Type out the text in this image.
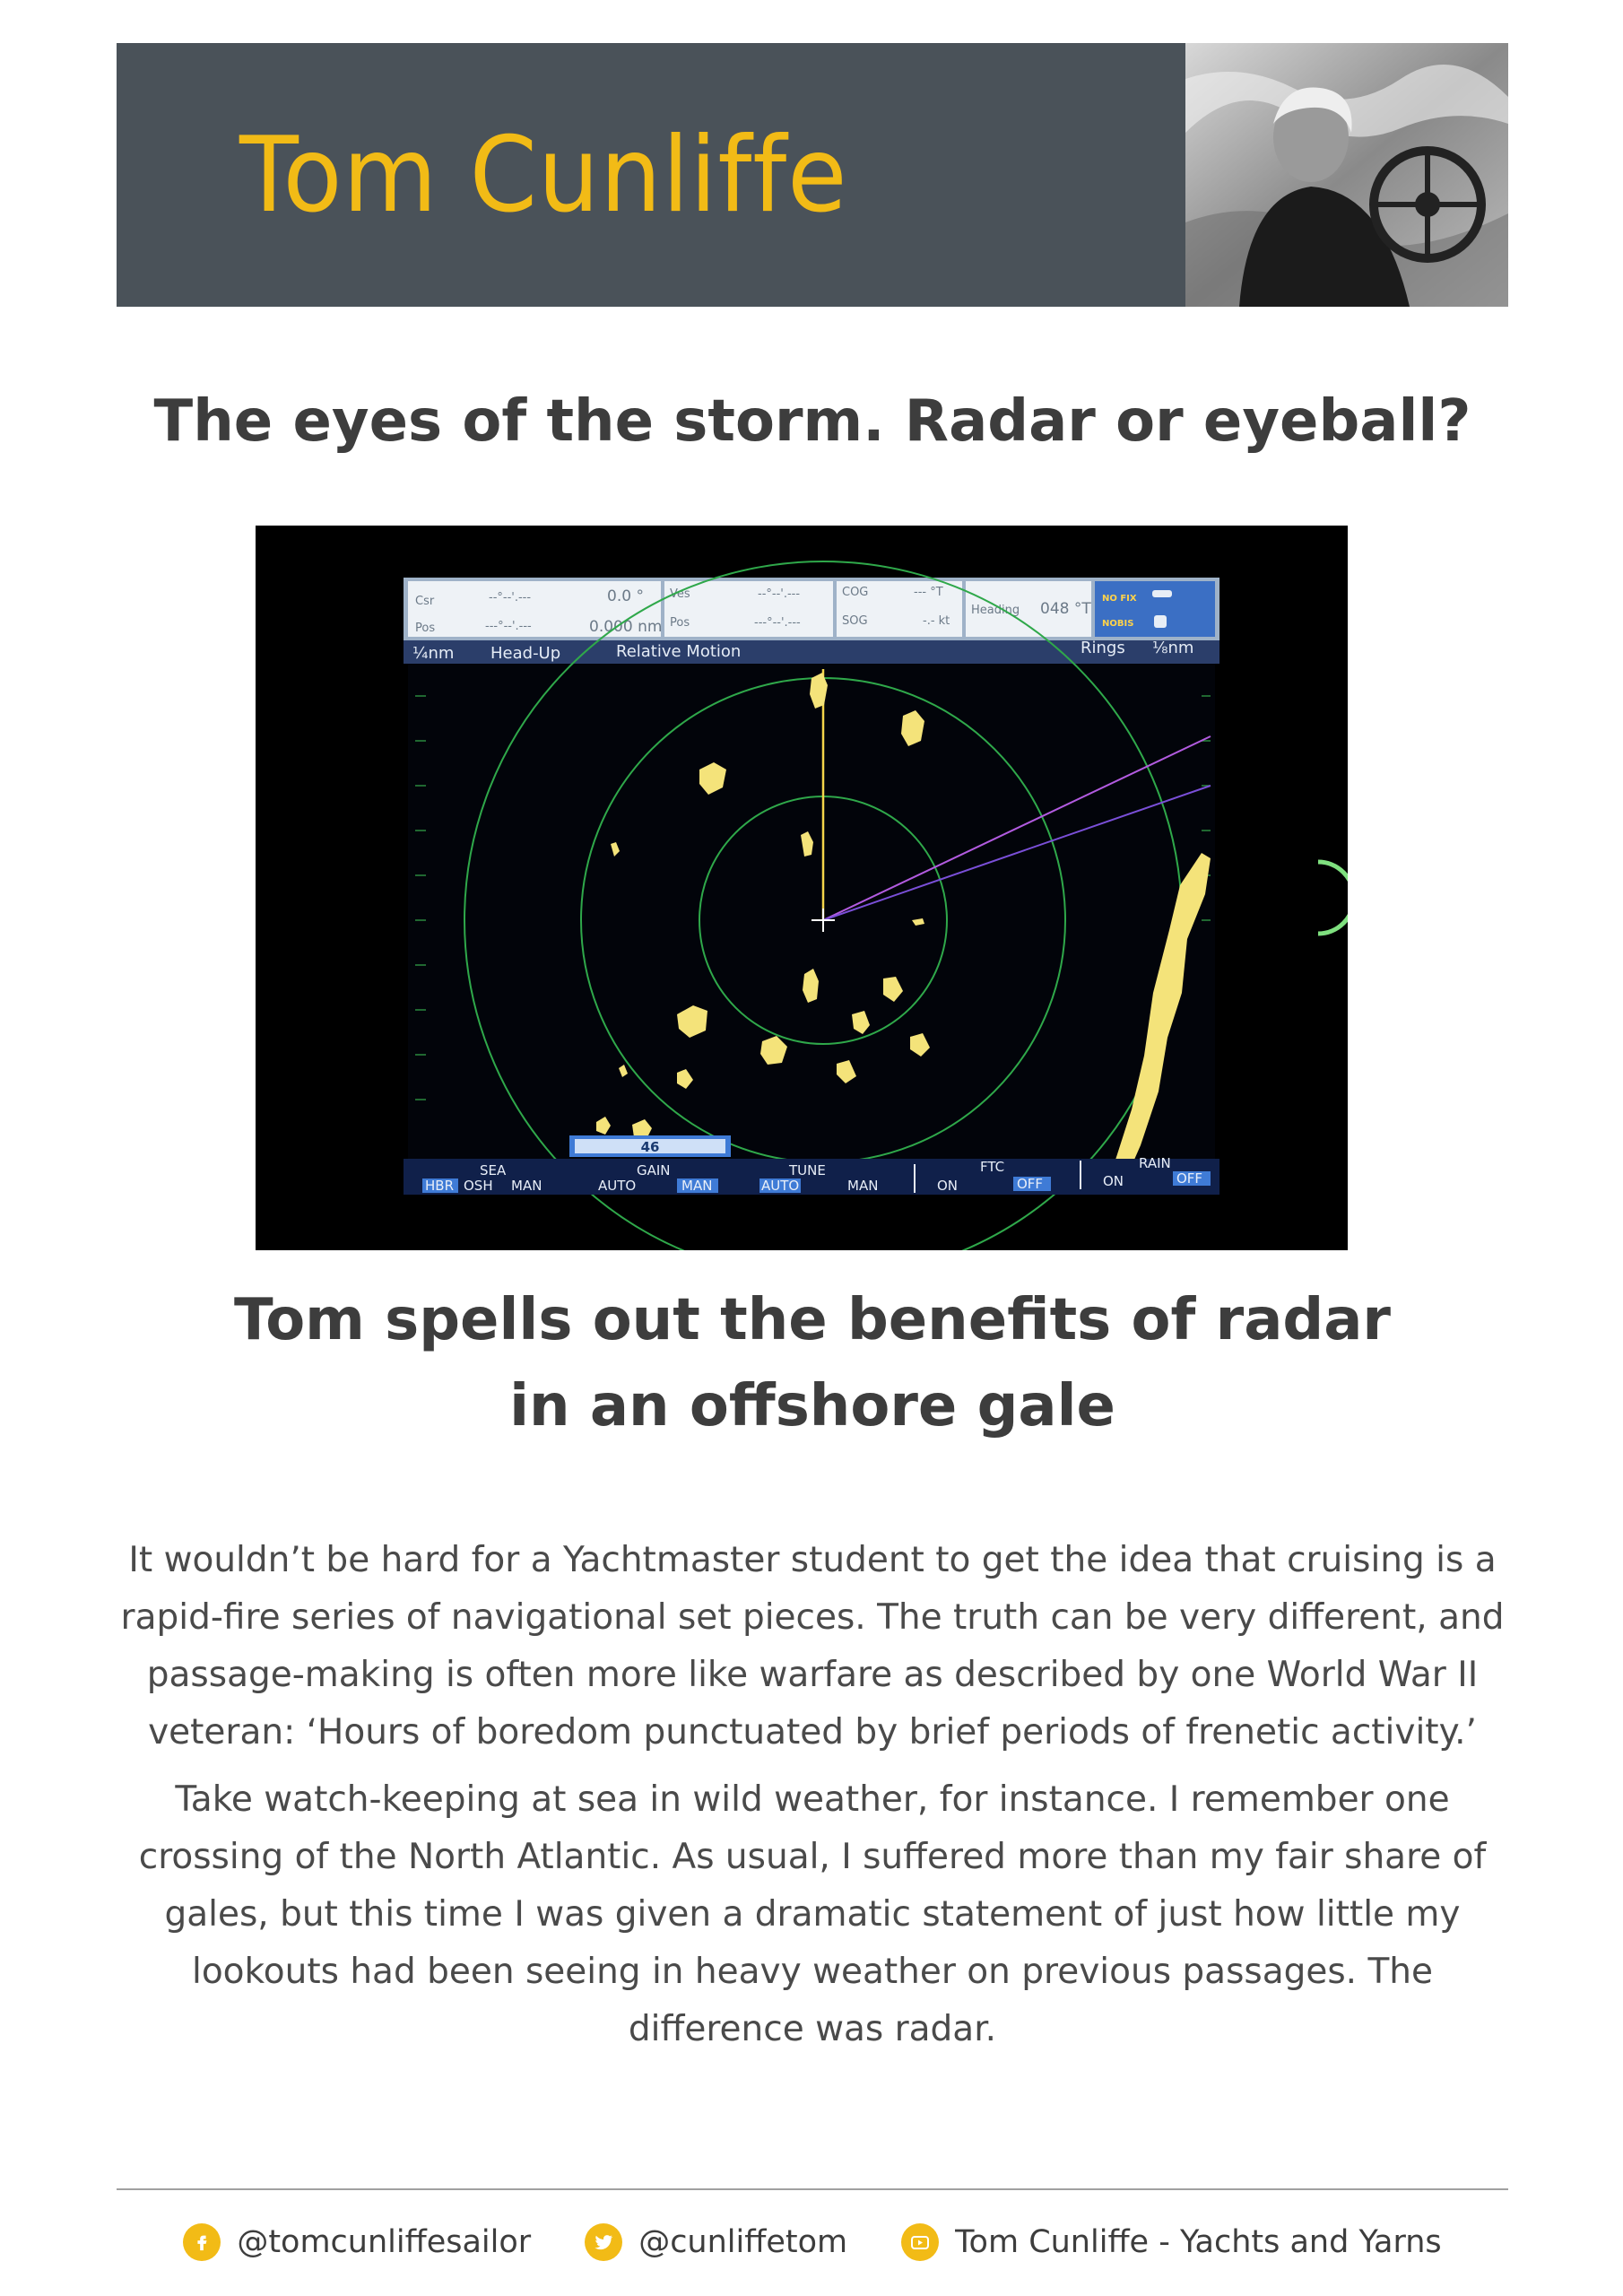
Tom Cunliffe
The eyes of the storm. Radar or eyeball?
Csr	--°--'.---	0.0 °
Pos	---°--'.---	0.000 nm
Ves	--°--'.---
Pos	---°--'.---
COG	--- °T
SOG	-.- kt
Heading 048 °T
NO FIX
NOBIS
¼nm Head-Up	Relative Motion	Rings ⅛nm
46
HBR
SEA
OSH MAN
GAIN
AUTO	MAN
TUNE
AUTO	MAN
FTC
ON	OFF
RAIN
ON	OFF
Tom spells out the benefits of radar
in an offshore gale

It wouldn’t be hard for a Yachtmaster student to get the idea that cruising is a rapid-fire series of navigational set pieces. The truth can be very different, and passage-making is often more like warfare as described by one World War II veteran: ‘Hours of boredom punctuated by brief periods of frenetic activity.’

Take watch-keeping at sea in wild weather, for instance. I remember one crossing of the North Atlantic. As usual, I suffered more than my fair share of gales, but this time I was given a dramatic statement of just how little my lookouts had been seeing in heavy weather on previous passages. The difference was radar.

@tomcunliffesailor	@cunliffetom	Tom Cunliffe - Yachts and Yarns
